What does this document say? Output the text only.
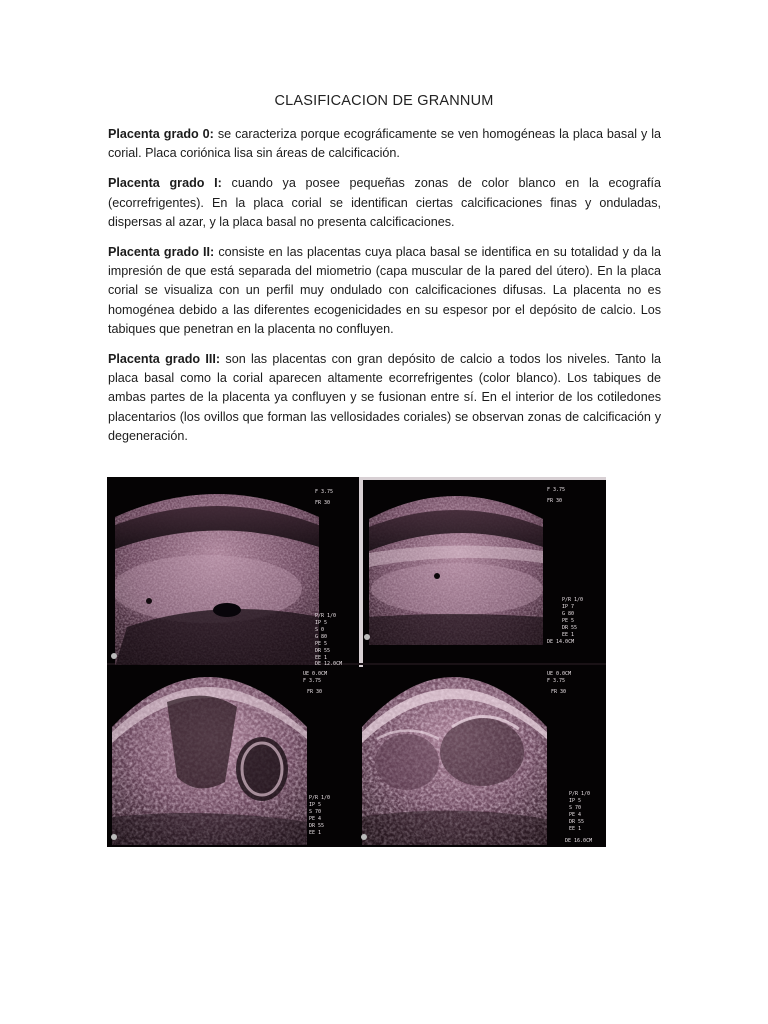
CLASIFICACION DE GRANNUM

Placenta grado 0: se caracteriza porque ecográficamente se ven homogéneas la placa basal y la corial. Placa coriónica lisa sin áreas de calcificación.

Placenta grado I: cuando ya posee pequeñas zonas de color blanco en la ecografía (ecorrefrigentes). En la placa corial se identifican ciertas calcificaciones finas y onduladas, dispersas al azar, y la placa basal no presenta calcificaciones.

Placenta grado II: consiste en las placentas cuya placa basal se identifica en su totalidad y da la impresión de que está separada del miometrio (capa muscular de la pared del útero). En la placa corial se visualiza con un perfil muy ondulado con calcificaciones difusas. La placenta no es homogénea debido a las diferentes ecogenicidades en su espesor por el depósito de calcio. Los tabiques que penetran en la placenta no confluyen.

Placenta grado III: son las placentas con gran depósito de calcio a todos los niveles. Tanto la placa basal como la corial aparecen altamente ecorrefrigentes (color blanco). Los tabiques de ambas partes de la placenta ya confluyen y se fusionan entre sí. En el interior de los cotiledones placentarios (los ovillos que forman las vellosidades coriales) se observan zonas de calcificación y degeneración.

F 3.75
FR 30
P/R 1/0
IP 5
S 0
G 80
PE 5
DR 55
EE 1
DE 12.0CM
F 3.75
FR 30
P/R 1/0
IP 7
G 80
PE 5
DR 55
EE 1
DE 14.0CM
UE 0.0CM
F 3.75
FR 30
P/R 1/0
IP 5
S 70
PE 4
DR 55
EE 1
UE 0.0CM
F 3.75
FR 30
P/R 1/0
IP 5
S 70
PE 4
DR 55
EE 1
DE 16.0CM
